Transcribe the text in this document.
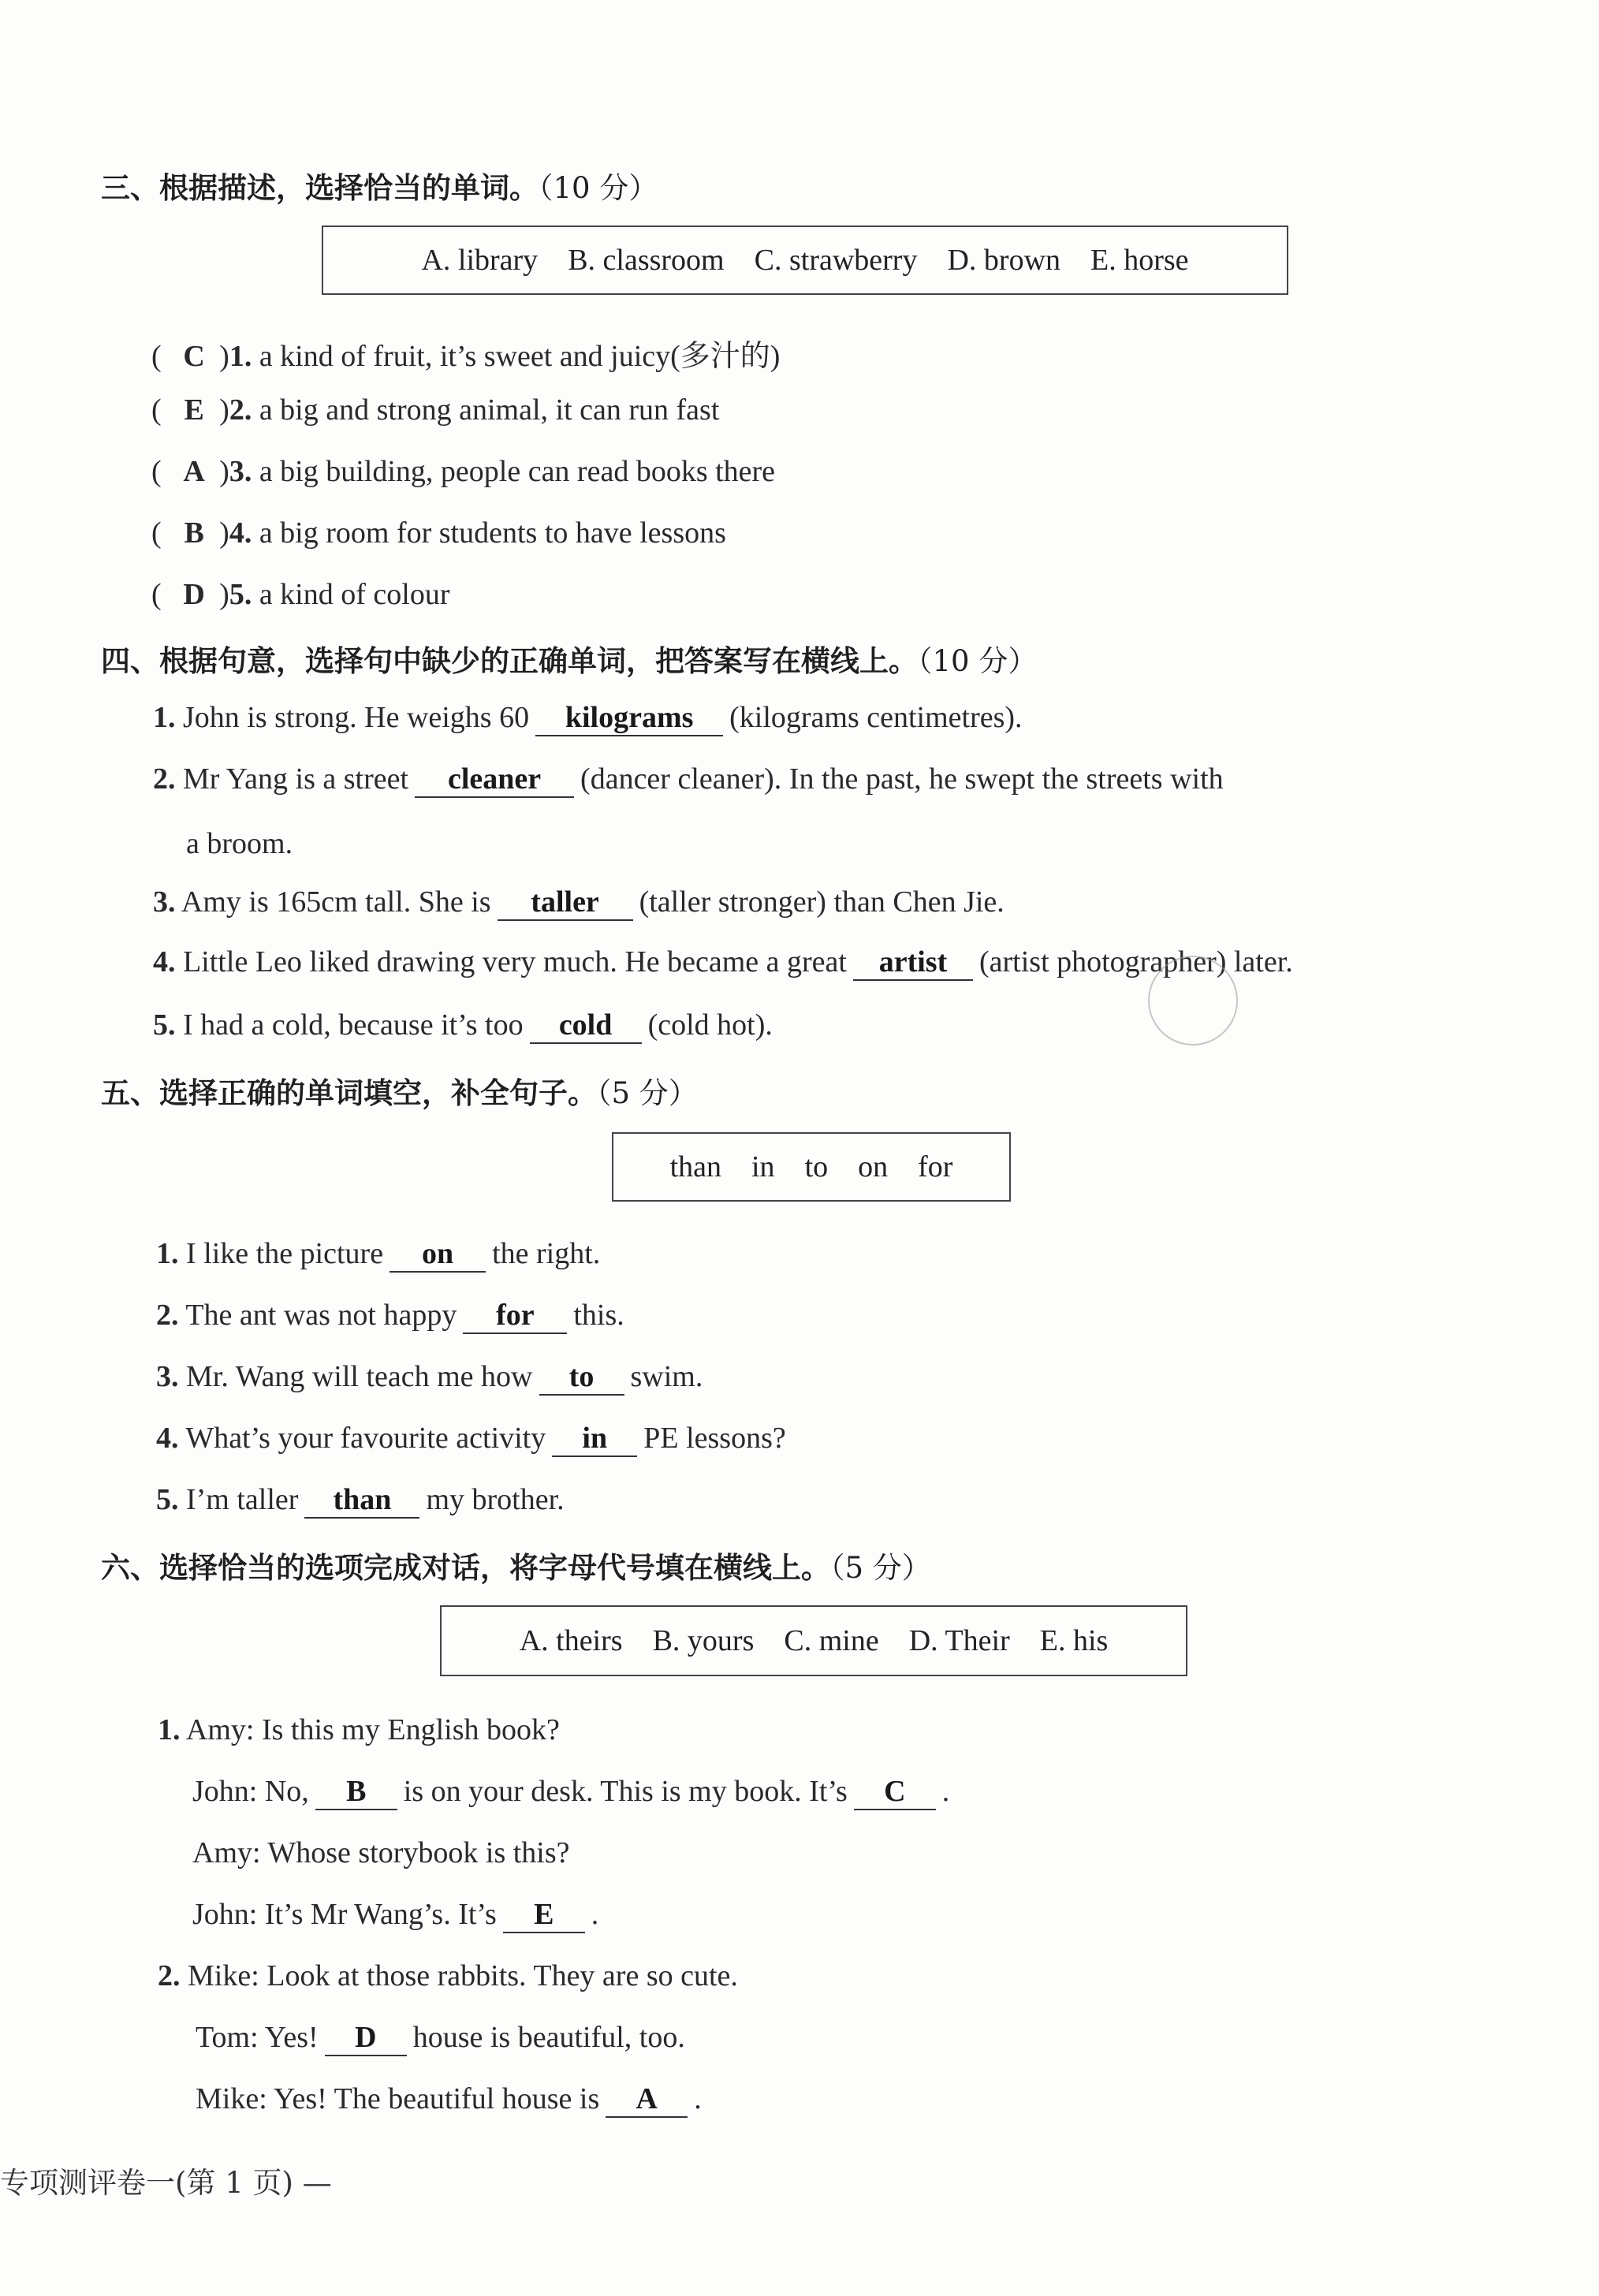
三、根据描述，选择恰当的单词。（10 分）
A. library B. classroom C. strawberry D. brown E. horse
( C )1. a kind of fruit, it’s sweet and juicy(多汁的)
( E )2. a big and strong animal, it can run fast
( A )3. a big building, people can read books there
( B )4. a big room for students to have lessons
( D )5. a kind of colour
四、根据句意，选择句中缺少的正确单词，把答案写在横线上。（10 分）
1. John is strong. He weighs 60 kilograms (kilograms centimetres).
2. Mr Yang is a street cleaner (dancer cleaner). In the past, he swept the streets with
a broom.
3. Amy is 165cm tall. She is taller (taller stronger) than Chen Jie.
4. Little Leo liked drawing very much. He became a great artist (artist photographer) later.
5. I had a cold, because it’s too cold (cold hot).
五、选择正确的单词填空，补全句子。（5 分）
than in to on for
1. I like the picture on the right.
2. The ant was not happy for this.
3. Mr. Wang will teach me how to swim.
4. What’s your favourite activity in PE lessons?
5. I’m taller than my brother.
六、选择恰当的选项完成对话，将字母代号填在横线上。（5 分）
A. theirs B. yours C. mine D. Their E. his
1. Amy: Is this my English book?
John: No, B is on your desk. This is my book. It’s C .
Amy: Whose storybook is this?
John: It’s Mr Wang’s. It’s E .
2. Mike: Look at those rabbits. They are so cute.
Tom: Yes! D house is beautiful, too.
Mike: Yes! The beautiful house is A .
专项测评卷一(第 1 页) —
